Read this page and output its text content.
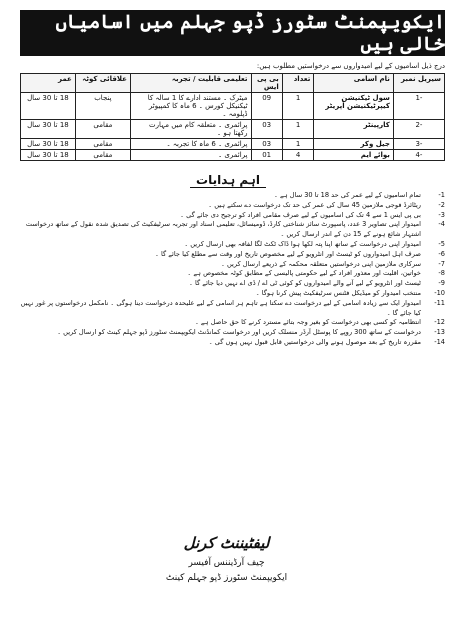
ایکویپمنٹ سٹورز ڈپو جہلم میں اسامیاں خالی ہیں
درج ذیل اسامیوں کے لیے امیدواروں سے درخواستیں مطلوب ہیں:
سیریل نمبر	نام اسامی	تعداد	بی پی ایس	تعلیمی قابلیت / تجربہ	علاقائی کوٹہ	عمر
-1	سول ٹیکنیشن کیپرٹیکنیشن آپریٹر	1	09	میٹرک ۔ مستند ادارے کا 1 سالہ کا ٹیکنیکل کورس ۔ 6 ماہ کا کمپیوٹر ڈپلومہ ۔	پنجاب	18 تا 30 سال
-2	کارپینٹر	1	03	پرائمری ۔ متعلقہ کام میں مہارت رکھتا ہو ۔	مقامی	18 تا 30 سال
-3	جیل وکر	1	03	پرائمری ۔ 6 ماہ کا تجربہ ۔	مقامی	18 تا 30 سال
-4	بوائے ایم	4	01	پرائمری ۔	مقامی	18 تا 30 سال
اہم ہدایات
-1
تمام اسامیوں کے لیے عمر کی حد 18 تا 30 سال ہے ۔
-2
ریٹائرڈ فوجی ملازمین 45 سال کی عمر کی حد تک درخواست دے سکتے ہیں ۔
-3
بی پی ایس 1 سے 4 تک کی اسامیوں کے لیے صرف مقامی افراد کو ترجیح دی جائے گی ۔
-4
امیدوار اپنی تصاویر 3 عدد، پاسپورٹ سائز شناختی کارڈ، ڈومیسائل، تعلیمی اسناد اور تجربہ سرٹیفکیٹ کی تصدیق شدہ نقول کے ساتھ درخواست اشتہار شائع ہونے کے 15 دن کے اندر ارسال کریں ۔
-5
امیدوار اپنی درخواست کے ساتھ اپنا پتہ لکھا ہوا ڈاک ٹکٹ لگا لفافہ بھی ارسال کریں ۔
-6
صرف اہل امیدواروں کو ٹیسٹ اور انٹرویو کے لیے مخصوص تاریخ اور وقت سے مطلع کیا جائے گا ۔
-7
سرکاری ملازمین اپنی درخواستیں متعلقہ محکمہ کے ذریعے ارسال کریں ۔
-8
خواتین، اقلیت اور معذور افراد کے لیے حکومتی پالیسی کے مطابق کوٹہ مخصوص ہے ۔
-9
ٹیسٹ اور انٹرویو کے لیے آنے والے امیدواروں کو کوئی ٹی اے / ڈی اے نہیں دیا جائے گا ۔
-10
منتخب امیدوار کو میڈیکل فٹنس سرٹیفکیٹ پیش کرنا ہوگا ۔
-11
امیدوار ایک سے زیادہ اسامی کے لیے درخواست دے سکتا ہے تاہم ہر اسامی کے لیے علیحدہ درخواست دینا ہوگی ۔ نامکمل درخواستوں پر غور نہیں کیا جائے گا ۔
-12
انتظامیہ کو کسی بھی درخواست کو بغیر وجہ بتائے مسترد کرنے کا حق حاصل ہے ۔
-13
درخواست کے ساتھ 300 روپے کا پوسٹل آرڈر منسلک کریں اور درخواست کمانڈنٹ ایکویپمنٹ سٹورز ڈپو جہلم کینٹ کو ارسال کریں ۔
-14
مقررہ تاریخ کے بعد موصول ہونے والی درخواستیں قابل قبول نہیں ہوں گی ۔
لیفٹیننٹ کرنل
چیف آرڈیننس آفیسر
ایکویپمنٹ سٹورز ڈپو جہلم کینٹ
